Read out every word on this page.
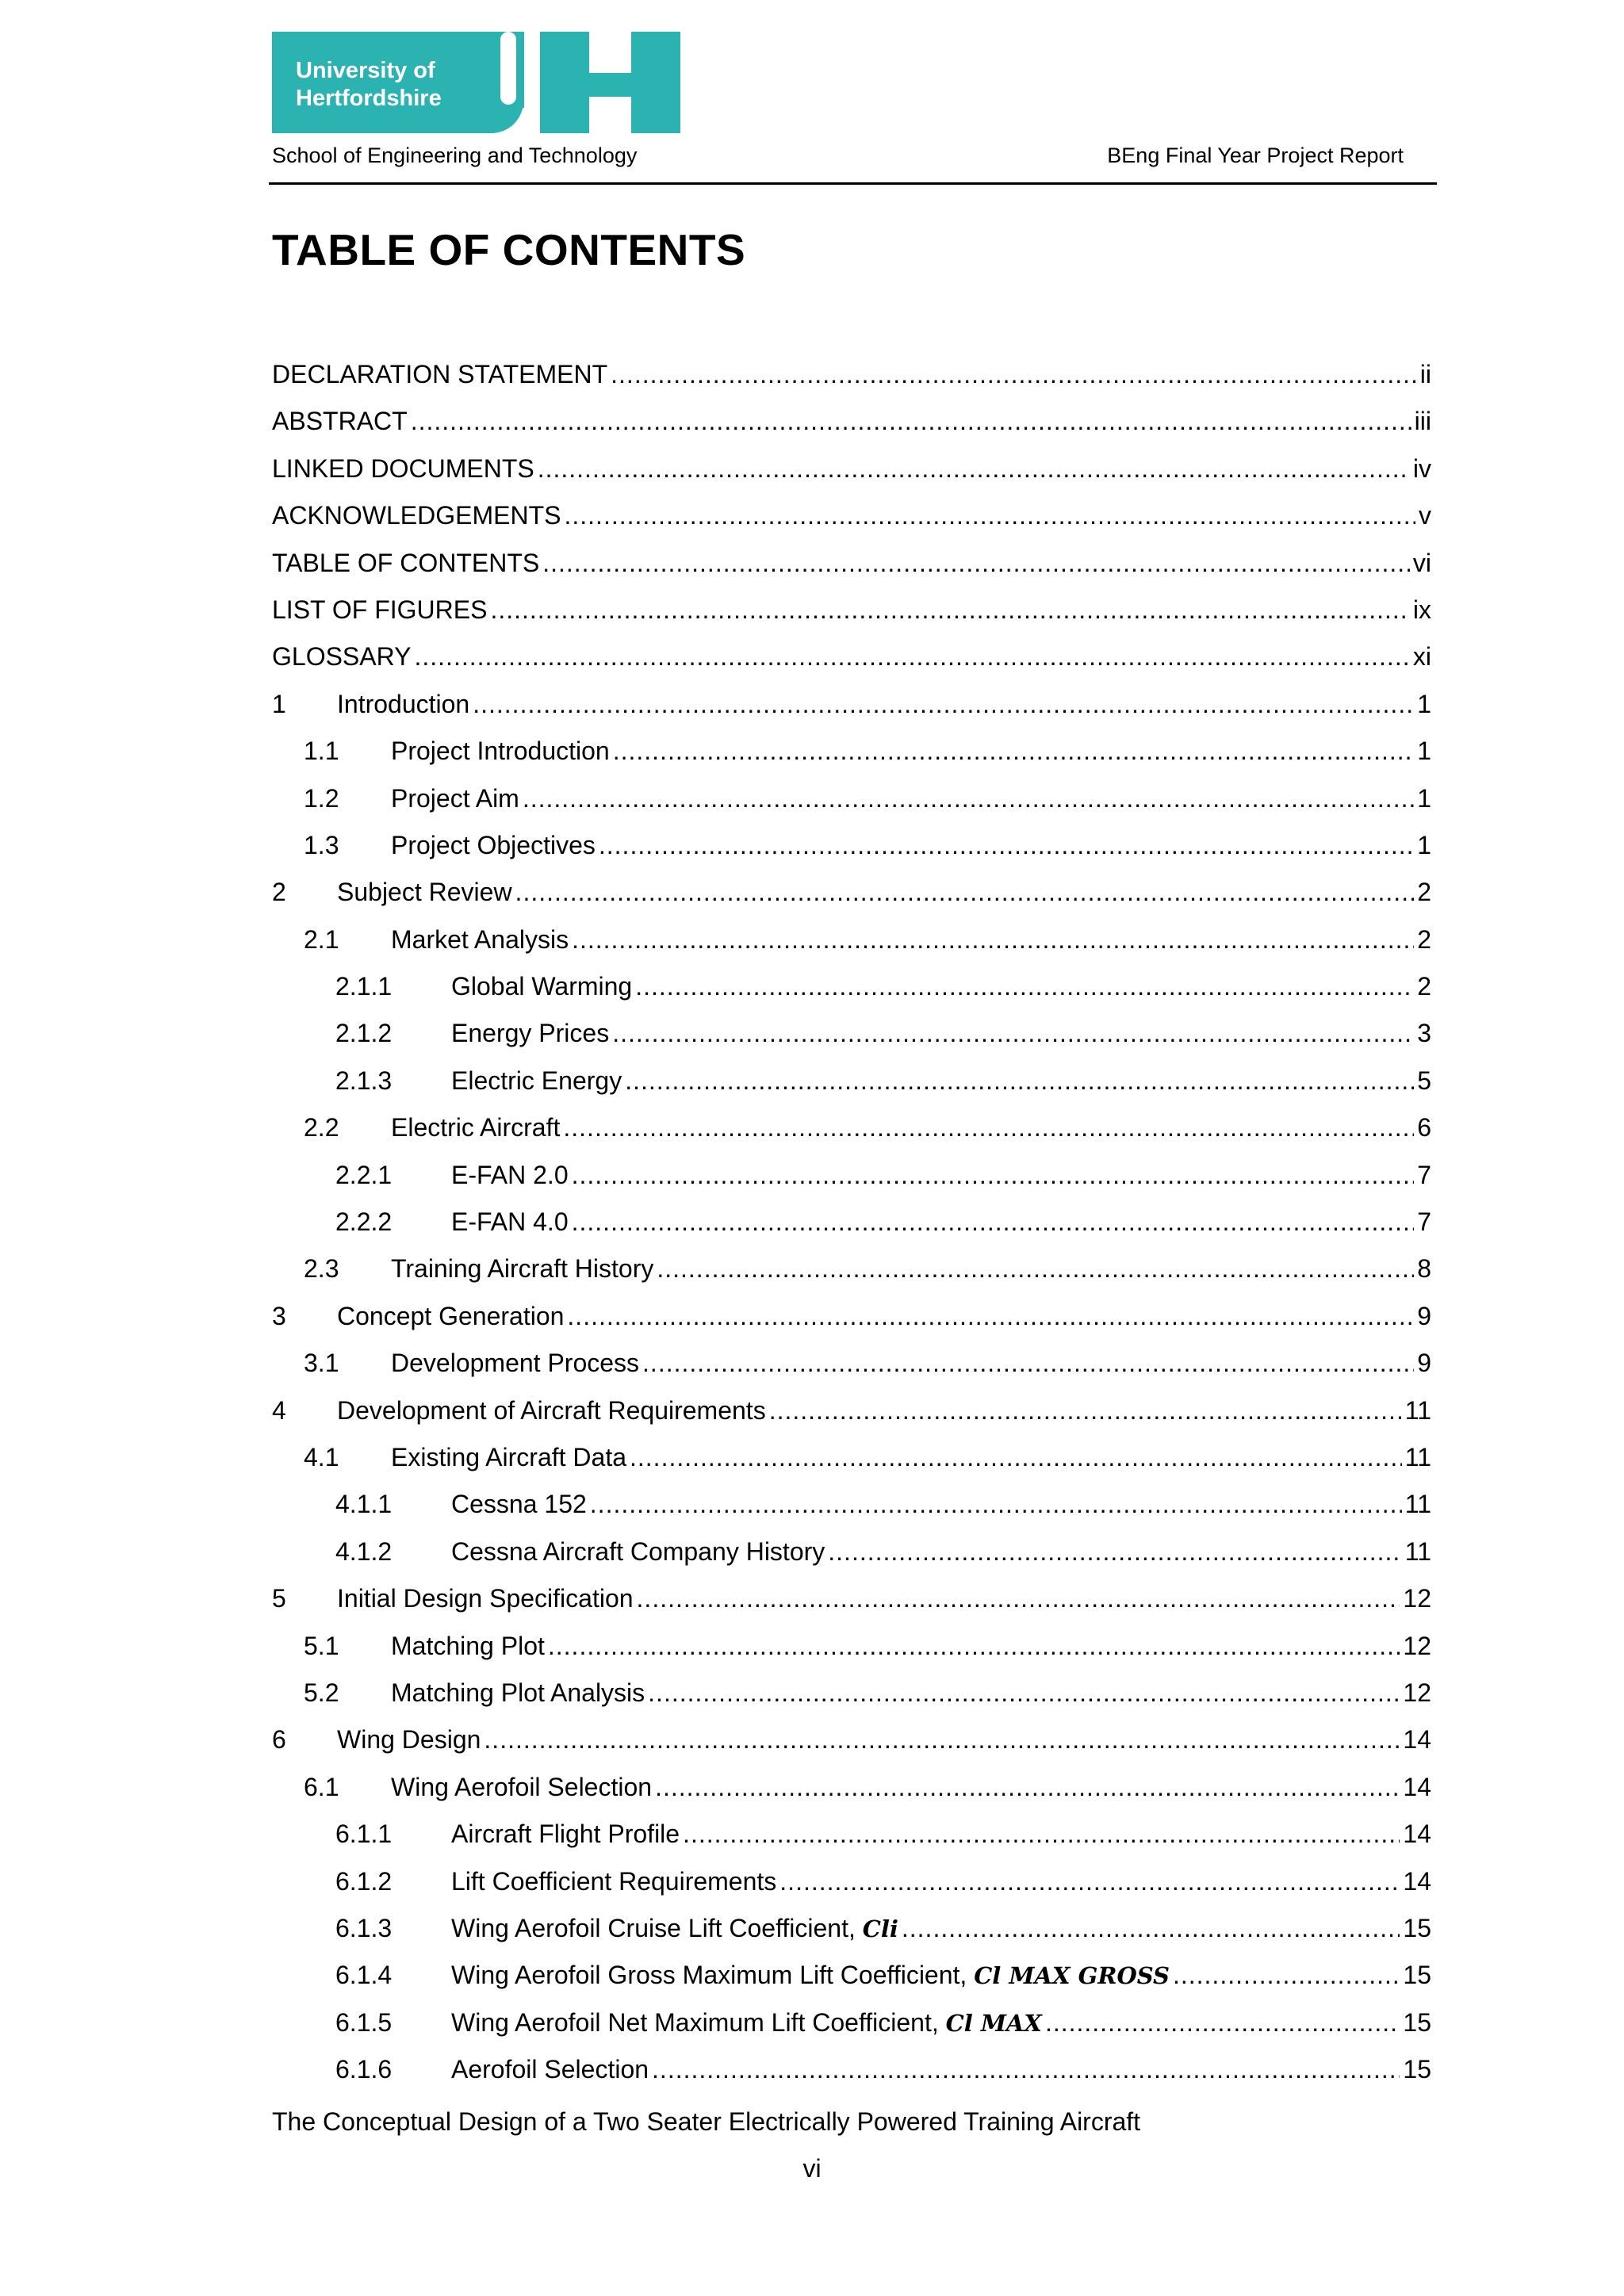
University of
Hertfordshire
School of Engineering and Technology	BEng Final Year Project Report
TABLE OF CONTENTS
DECLARATION STATEMENT .....	ii
ABSTRACT .....	iii
LINKED DOCUMENTS .....	iv
ACKNOWLEDGEMENTS .....	v
TABLE OF CONTENTS .....	vi
LIST OF FIGURES .....	ix
GLOSSARY .....	xi
1	Introduction .....	1
1.1	Project Introduction .....	1
1.2	Project Aim .....	1
1.3	Project Objectives .....	1
2	Subject Review .....	2
2.1	Market Analysis .....	2
2.1.1	Global Warming .....	2
2.1.2	Energy Prices .....	3
2.1.3	Electric Energy .....	5
2.2	Electric Aircraft .....	6
2.2.1	E-FAN 2.0 .....	7
2.2.2	E-FAN 4.0 .....	7
2.3	Training Aircraft History .....	8
3	Concept Generation .....	9
3.1	Development Process .....	9
4	Development of Aircraft Requirements .....	11
4.1	Existing Aircraft Data .....	11
4.1.1	Cessna 152 .....	11
4.1.2	Cessna Aircraft Company History .....	11
5	Initial Design Specification .....	12
5.1	Matching Plot .....	12
5.2	Matching Plot Analysis .....	12
6	Wing Design .....	14
6.1	Wing Aerofoil Selection .....	14
6.1.1	Aircraft Flight Profile .....	14
6.1.2	Lift Coefficient Requirements .....	14
6.1.3	Wing Aerofoil Cruise Lift Coefficient, Cli .....	15
6.1.4	Wing Aerofoil Gross Maximum Lift Coefficient, Cl MAX GROSS .....	15
6.1.5	Wing Aerofoil Net Maximum Lift Coefficient, Cl MAX .....	15
6.1.6	Aerofoil Selection .....	15
The Conceptual Design of a Two Seater Electrically Powered Training Aircraft
vi
